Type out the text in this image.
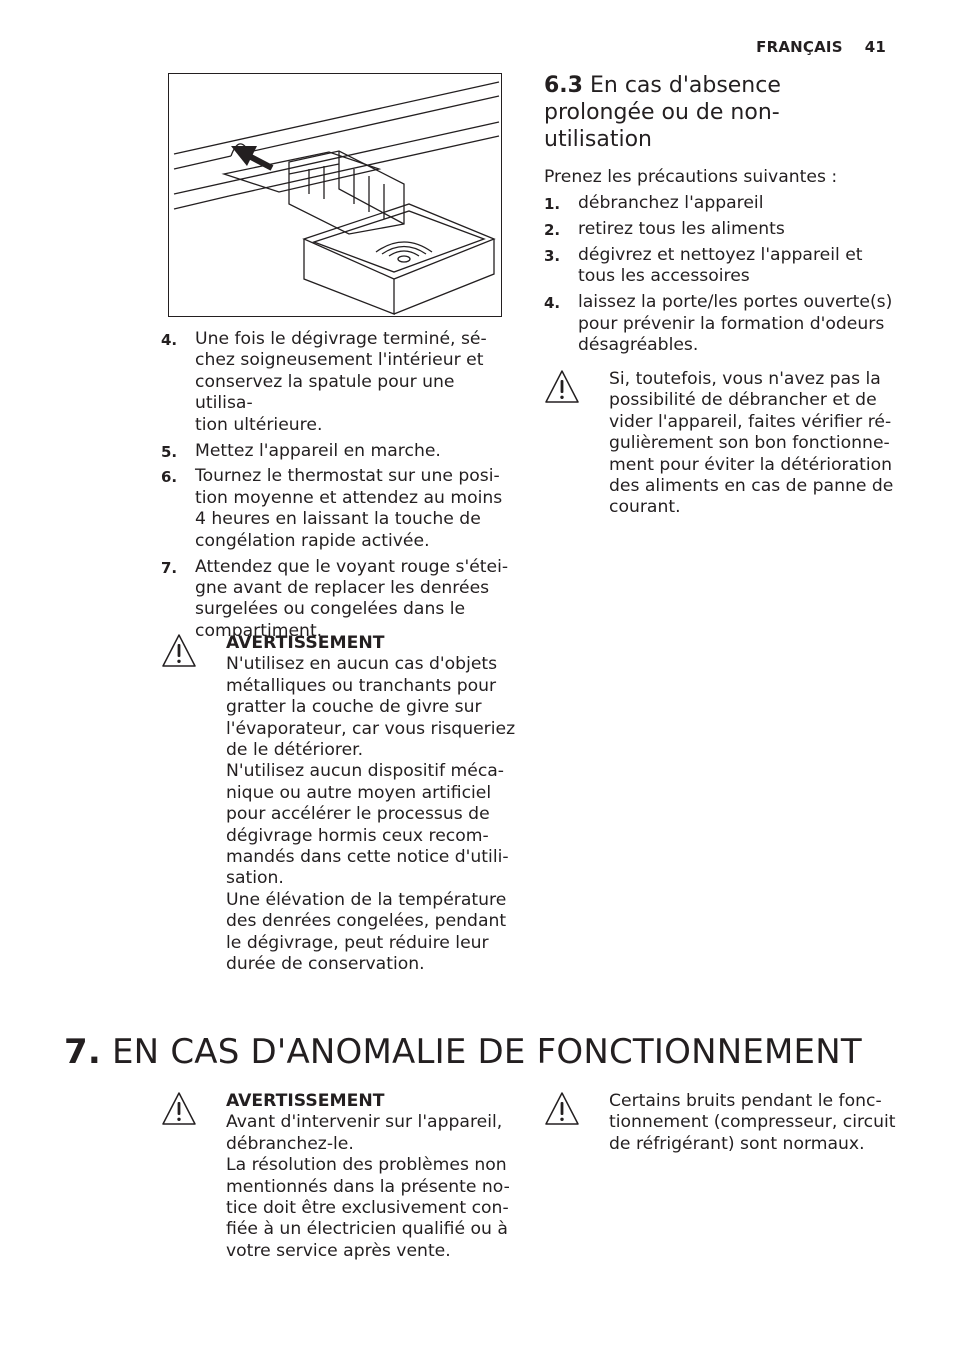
FRANÇAIS 41
4. Une fois le dégivrage terminé, sé-
chez soigneusement l'intérieur et
conservez la spatule pour une utilisa-
tion ultérieure.
5. Mettez l'appareil en marche.
6. Tournez le thermostat sur une posi-
tion moyenne et attendez au moins
4 heures en laissant la touche de
congélation rapide activée.
7. Attendez que le voyant rouge s'étei-
gne avant de replacer les denrées
surgelées ou congelées dans le
compartiment.
AVERTISSEMENT
N'utilisez en aucun cas d'objets
métalliques ou tranchants pour
gratter la couche de givre sur
l'évaporateur, car vous risqueriez
de le détériorer.
N'utilisez aucun dispositif méca-
nique ou autre moyen artificiel
pour accélérer le processus de
dégivrage hormis ceux recom-
mandés dans cette notice d'utili-
sation.
Une élévation de la température
des denrées congelées, pendant
le dégivrage, peut réduire leur
durée de conservation.
6.3 En cas d'absence
prolongée ou de non-
utilisation
Prenez les précautions suivantes :
1. débranchez l'appareil
2. retirez tous les aliments
3. dégivrez et nettoyez l'appareil et
tous les accessoires
4. laissez la porte/les portes ouverte(s)
pour prévenir la formation d'odeurs
désagréables.
Si, toutefois, vous n'avez pas la
possibilité de débrancher et de
vider l'appareil, faites vérifier ré-
gulièrement son bon fonctionne-
ment pour éviter la détérioration
des aliments en cas de panne de
courant.
7. EN CAS D'ANOMALIE DE FONCTIONNEMENT
AVERTISSEMENT
Avant d'intervenir sur l'appareil,
débranchez-le.
La résolution des problèmes non
mentionnés dans la présente no-
tice doit être exclusivement con-
fiée à un électricien qualifié ou à
votre service après vente.
Certains bruits pendant le fonc-
tionnement (compresseur, circuit
de réfrigérant) sont normaux.
